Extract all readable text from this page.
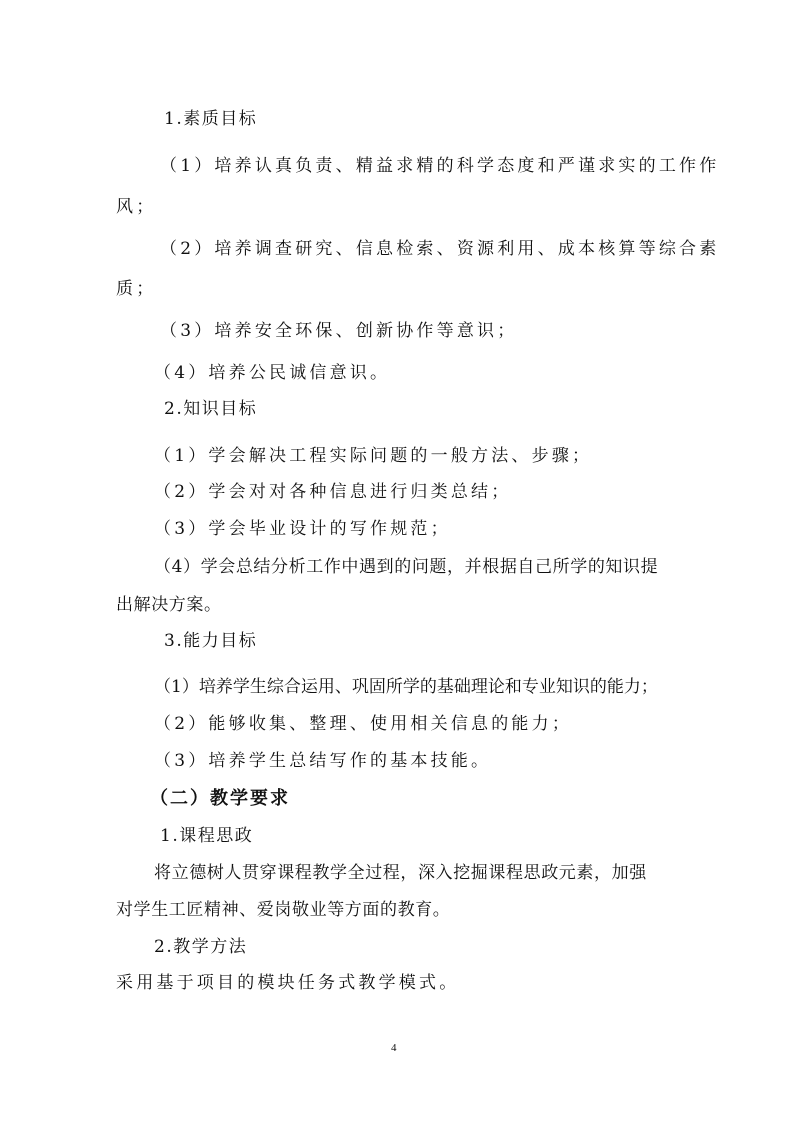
1.素质目标
（1）培养认真负责、精益求精的科学态度和严谨求实的工作作
风；
（2）培养调查研究、信息检索、资源利用、成本核算等综合素
质；
（3）培养安全环保、创新协作等意识；
（4）培养公民诚信意识。
2.知识目标
（1）学会解决工程实际问题的一般方法、步骤；
（2）学会对对各种信息进行归类总结；
（3）学会毕业设计的写作规范；
（4）学会总结分析工作中遇到的问题，并根据自己所学的知识提
出解决方案。
3.能力目标
（1）培养学生综合运用、巩固所学的基础理论和专业知识的能力；
（2）能够收集、整理、使用相关信息的能力；
（3）培养学生总结写作的基本技能。
（二）教学要求
1.课程思政
将立德树人贯穿课程教学全过程，深入挖掘课程思政元素，加强
对学生工匠精神、爱岗敬业等方面的教育。
2.教学方法
采用基于项目的模块任务式教学模式。
4
